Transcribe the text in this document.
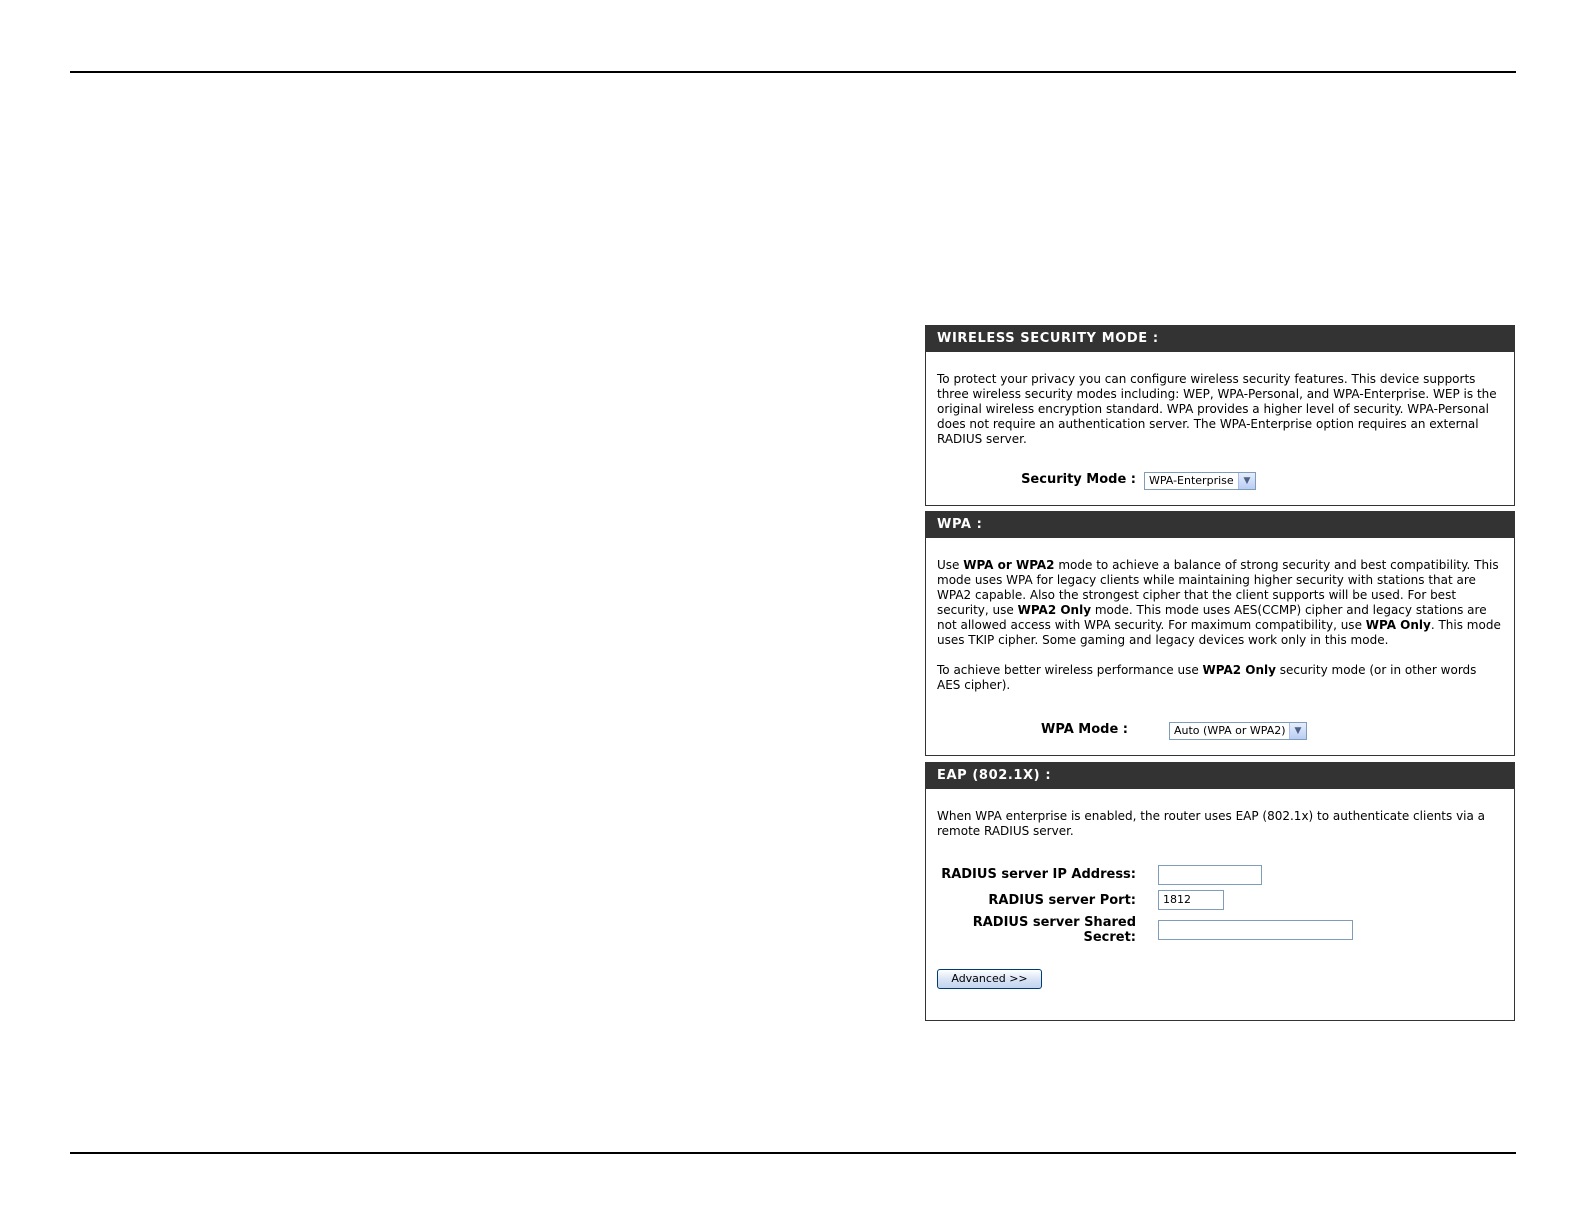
WIRELESS SECURITY MODE :

To protect your privacy you can configure wireless security features. This device supports three wireless security modes including: WEP, WPA-Personal, and WPA-Enterprise. WEP is the original wireless encryption standard. WPA provides a higher level of security. WPA-Personal does not require an authentication server. The WPA-Enterprise option requires an external RADIUS server.

Security Mode :	WPA-Enterprise	▼
WPA :

Use WPA or WPA2 mode to achieve a balance of strong security and best compatibility. This mode uses WPA for legacy clients while maintaining higher security with stations that are WPA2 capable. Also the strongest cipher that the client supports will be used. For best security, use WPA2 Only mode. This mode uses AES(CCMP) cipher and legacy stations are not allowed access with WPA security. For maximum compatibility, use WPA Only. This mode uses TKIP cipher. Some gaming and legacy devices work only in this mode.

To achieve better wireless performance use WPA2 Only security mode (or in other words AES cipher).

WPA Mode :	Auto (WPA or WPA2)	▼
EAP (802.1X) :

When WPA enterprise is enabled, the router uses EAP (802.1x) to authenticate clients via a remote RADIUS server.

RADIUS server IP Address:
RADIUS server Port:	1812
RADIUS server Shared
Secret:
Advanced >>
